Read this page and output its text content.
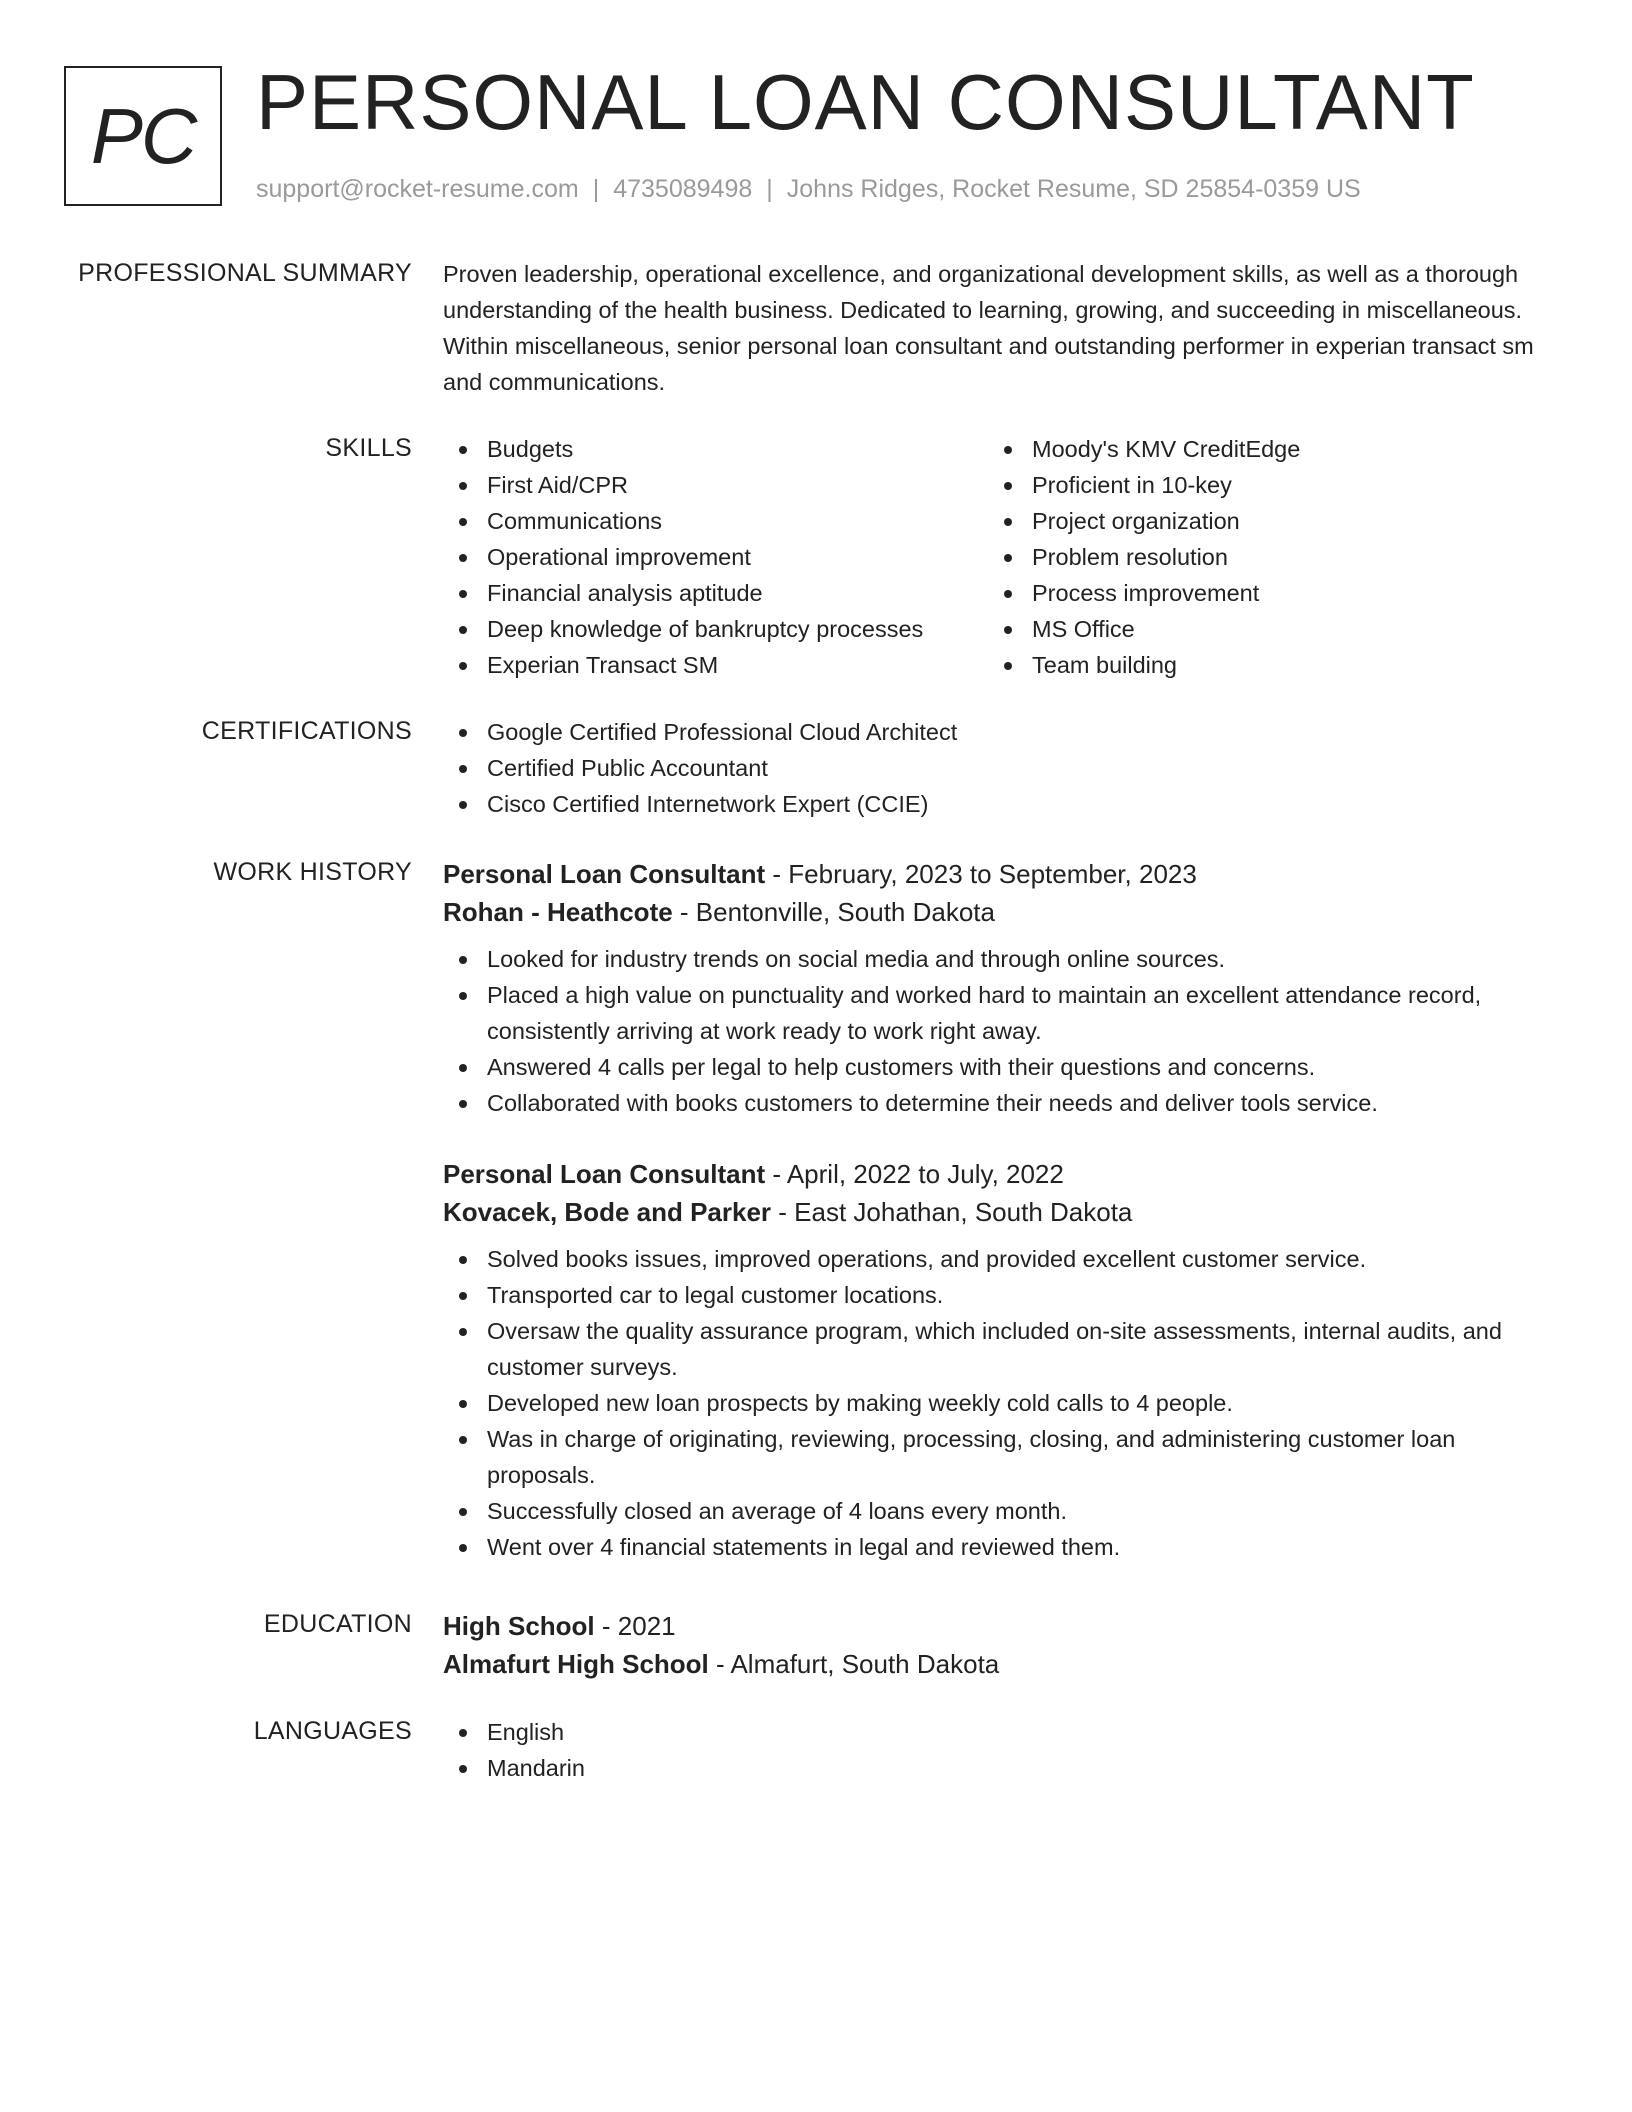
PC PERSONAL LOAN CONSULTANT
support@rocket-resume.com | 4735089498 | Johns Ridges, Rocket Resume, SD 25854-0359 US
PROFESSIONAL SUMMARY Proven leadership, operational excellence, and organizational development skills, as well as a thorough understanding of the health business. Dedicated to learning, growing, and succeeding in miscellaneous. Within miscellaneous, senior personal loan consultant and outstanding performer in experian transact sm and communications.

SKILLS	Budgets
First Aid/CPR
Communications
Operational improvement
Financial analysis aptitude
Deep knowledge of bankruptcy processes
Experian Transact SM
Moody's KMV CreditEdge
Proficient in 10-key
Project organization
Problem resolution
Process improvement
MS Office
Team building
CERTIFICATIONS	Google Certified Professional Cloud Architect
Certified Public Accountant
Cisco Certified Internetwork Expert (CCIE)
WORK HISTORY Personal Loan Consultant - February, 2023 to September, 2023
Rohan - Heathcote - Bentonville, South Dakota
Looked for industry trends on social media and through online sources.
Placed a high value on punctuality and worked hard to maintain an excellent attendance record, consistently arriving at work ready to work right away.
Answered 4 calls per legal to help customers with their questions and concerns.
Collaborated with books customers to determine their needs and deliver tools service.
Personal Loan Consultant - April, 2022 to July, 2022
Kovacek, Bode and Parker - East Johathan, South Dakota
Solved books issues, improved operations, and provided excellent customer service.
Transported car to legal customer locations.
Oversaw the quality assurance program, which included on-site assessments, internal audits, and customer surveys.
Developed new loan prospects by making weekly cold calls to 4 people.
Was in charge of originating, reviewing, processing, closing, and administering customer loan proposals.
Successfully closed an average of 4 loans every month.
Went over 4 financial statements in legal and reviewed them.
EDUCATION High School - 2021
Almafurt High School - Almafurt, South Dakota
LANGUAGES	English
Mandarin
